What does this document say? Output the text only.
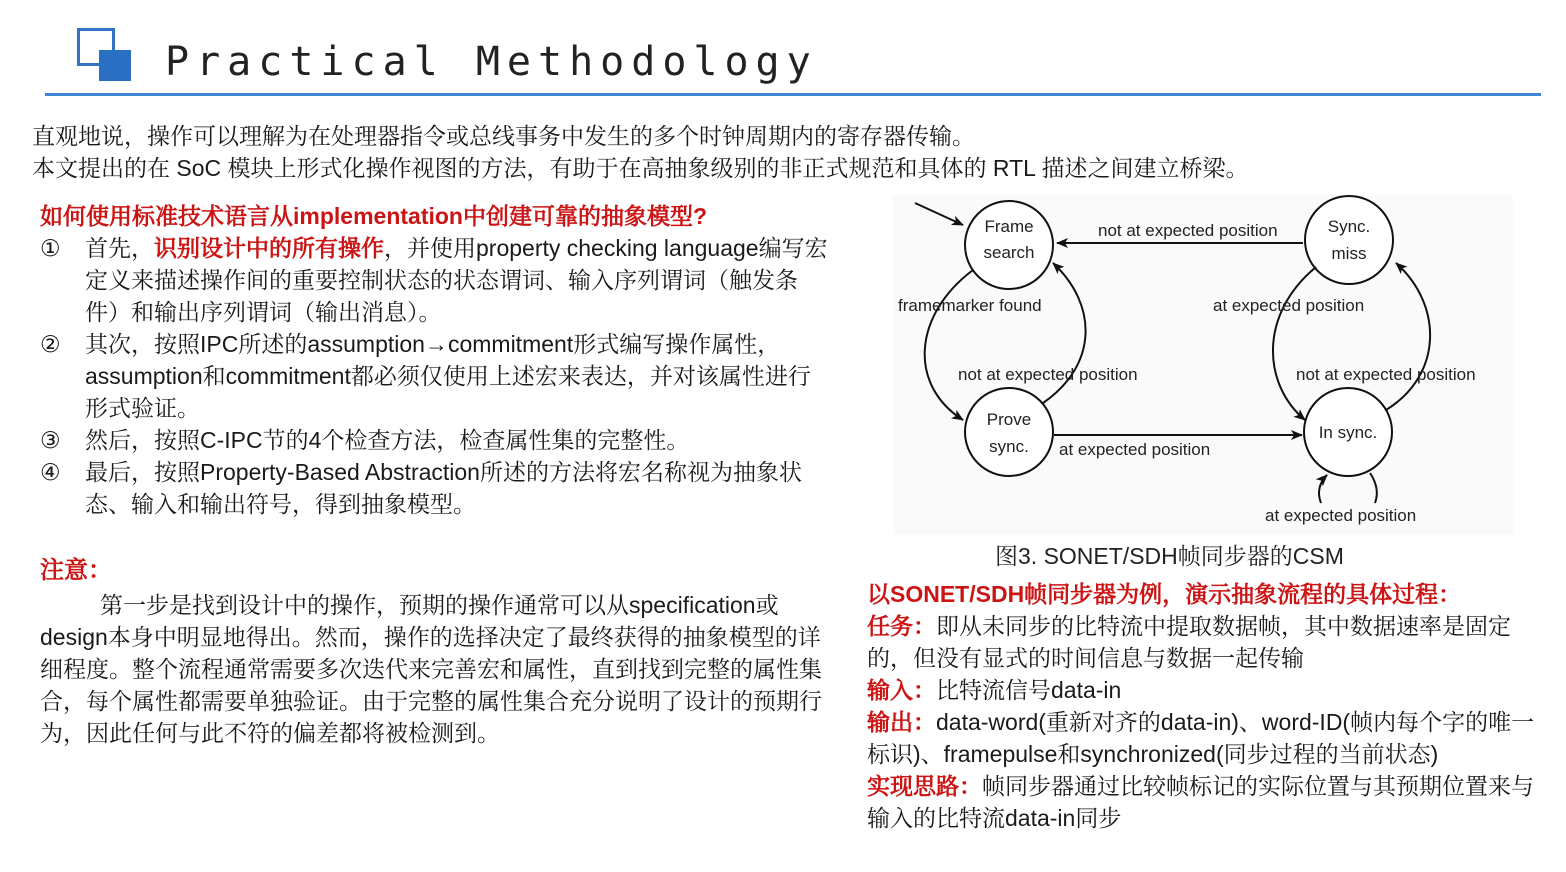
Practical Methodology
直观地说，操作可以理解为在处理器指令或总线事务中发生的多个时钟周期内的寄存器传输。
本文提出的在 SoC 模块上形式化操作视图的方法，有助于在高抽象级别的非正式规范和具体的 RTL 描述之间建立桥梁。
如何使用标准技术语言从implementation中创建可靠的抽象模型?
①	首先，识别设计中的所有操作，并使用property checking language编写宏定义来描述操作间的重要控制状态的状态谓词、输入序列谓词（触发条件）和输出序列谓词（输出消息）。
②	其次，按照IPC所述的assumption→commitment形式编写操作属性，assumption和commitment都必须仅使用上述宏来表达，并对该属性进行形式验证。
③	然后，按照C-IPC节的4个检查方法，检查属性集的完整性。
④	最后，按照Property-Based Abstraction所述的方法将宏名称视为抽象状态、输入和输出符号，得到抽象模型。
注意：
第一步是找到设计中的操作，预期的操作通常可以从specification或design本身中明显地得出。然而，操作的选择决定了最终获得的抽象模型的详细程度。整个流程通常需要多次迭代来完善宏和属性，直到找到完整的属性集合，每个属性都需要单独验证。由于完整的属性集合充分说明了设计的预期行为，因此任何与此不符的偏差都将被检测到。
Frame
search
Sync.
miss
Prove
sync.
In sync.
not at expected position
framemarker found
not at expected position
at expected position
at expected position
not at expected position
at expected position
图3. SONET/SDH帧同步器的CSM
以SONET/SDH帧同步器为例，演示抽象流程的具体过程：
任务：即从未同步的比特流中提取数据帧，其中数据速率是固定的，但没有显式的时间信息与数据一起传输
输入：比特流信号data-in
输出：data-word(重新对齐的data-in)、word-ID(帧内每个字的唯一标识)、framepulse和synchronized(同步过程的当前状态)
实现思路：帧同步器通过比较帧标记的实际位置与其预期位置来与输入的比特流data-in同步
